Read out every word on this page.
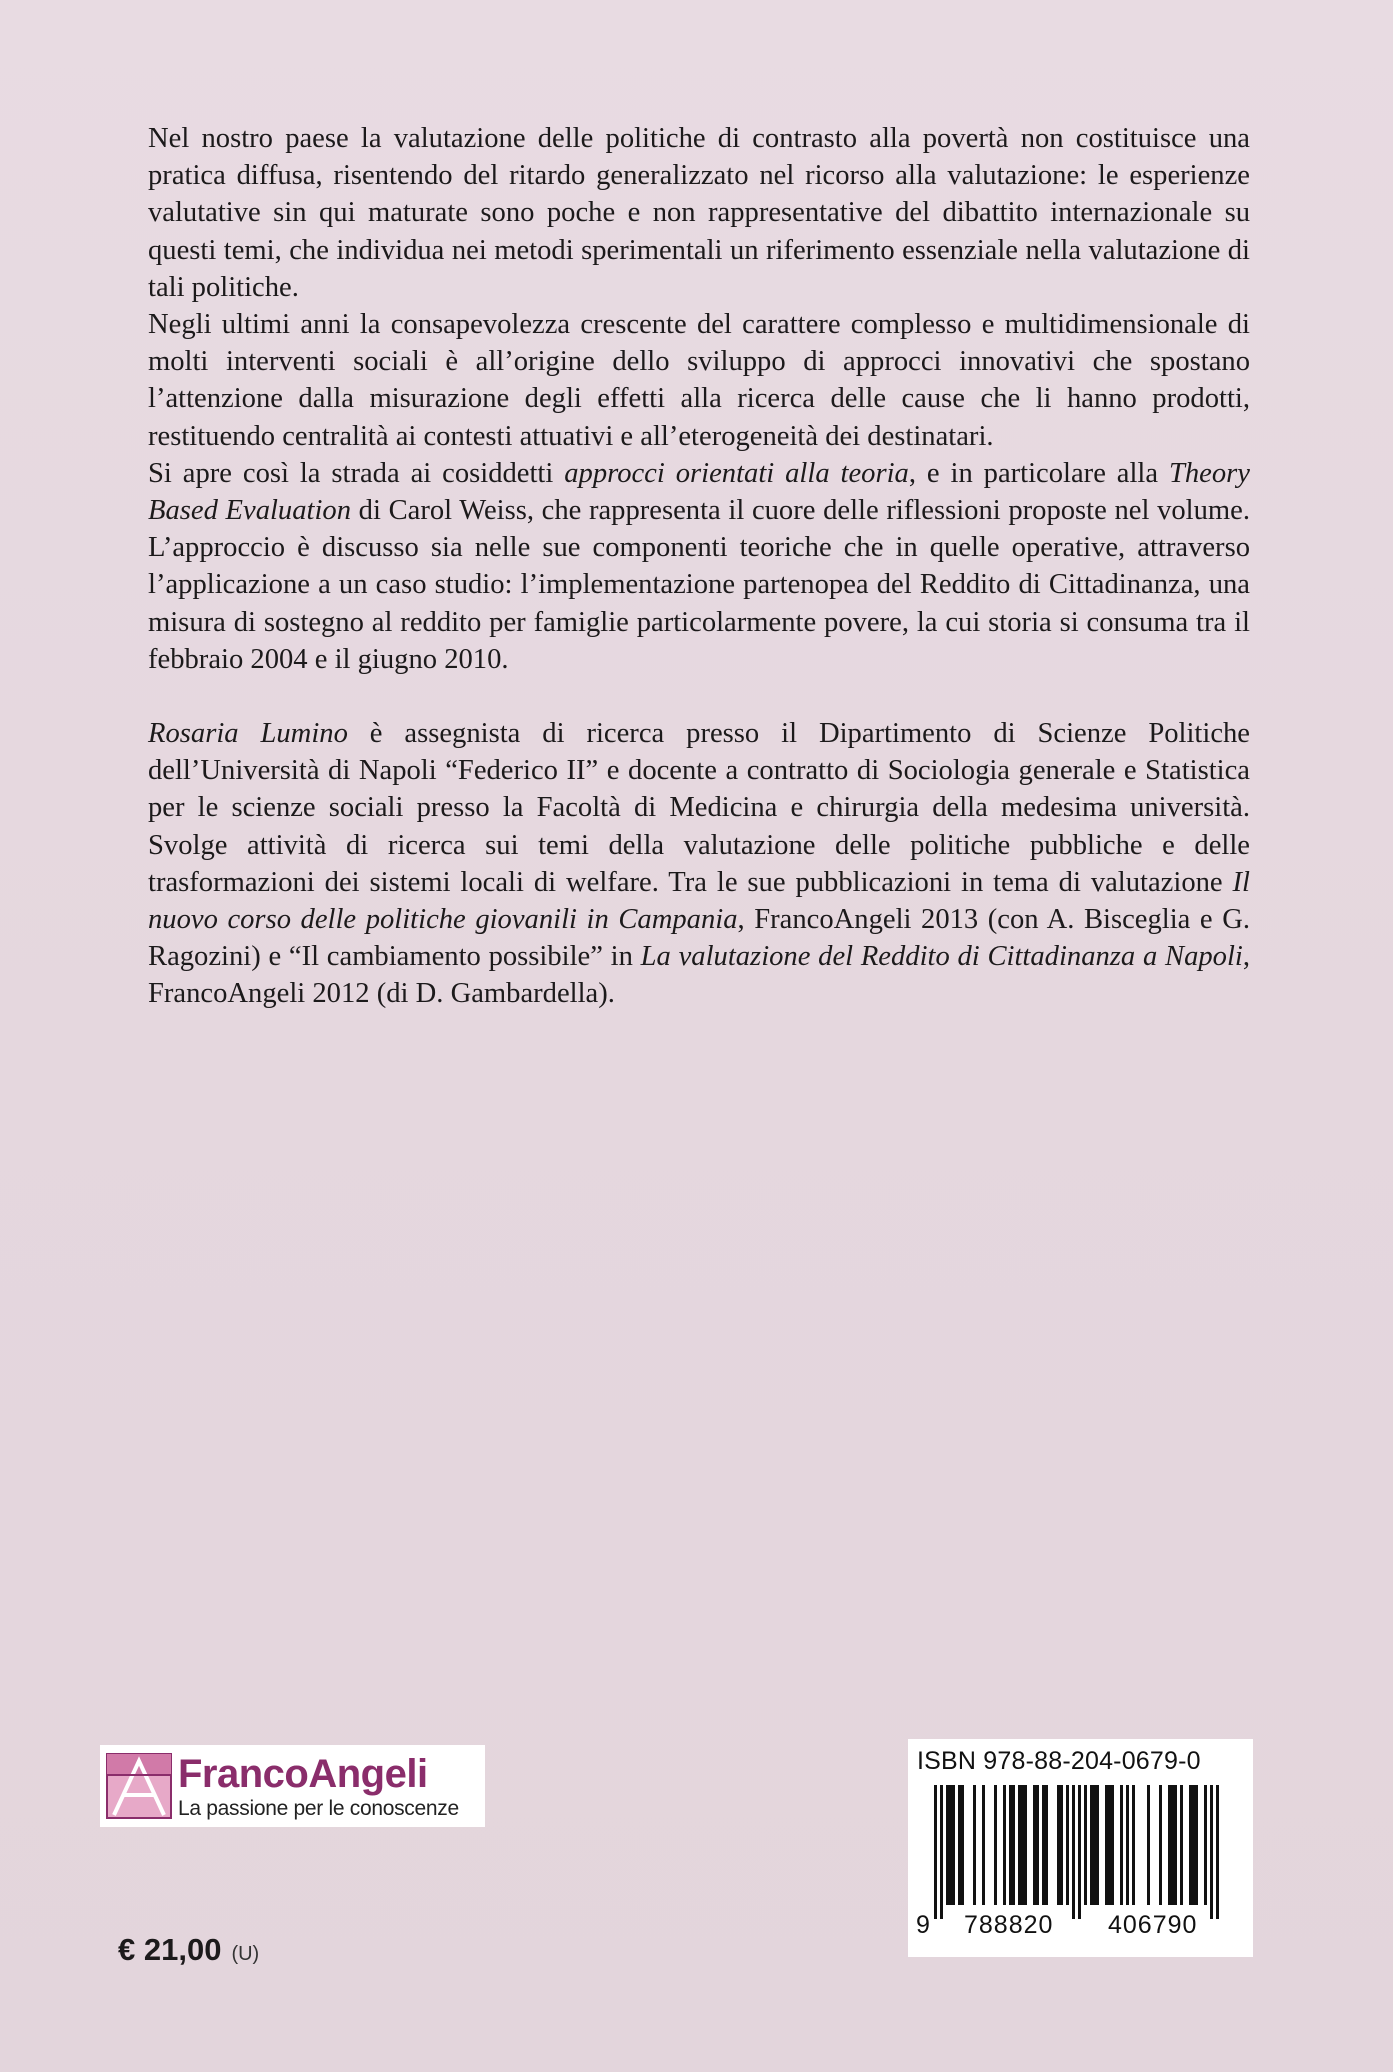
Nel nostro paese la valutazione delle politiche di contrasto alla povertà non costituisce una pratica diffusa, risentendo del ritardo generalizzato nel ricorso alla valutazione: le esperienze valutative sin qui maturate sono poche e non rappresentative del dibattito internazionale su questi temi, che individua nei metodi sperimentali un riferimento essenziale nella valutazione di tali politiche.

Negli ultimi anni la consapevolezza crescente del carattere complesso e multidimensionale di molti interventi sociali è all’origine dello sviluppo di approcci innovativi che spostano l’attenzione dalla misurazione degli effetti alla ricerca delle cause che li hanno prodotti, restituendo centralità ai contesti attuativi e all’eterogeneità dei destinatari.

Si apre così la strada ai cosiddetti approcci orientati alla teoria, e in particolare alla Theory Based Evaluation di Carol Weiss, che rappresenta il cuore delle riflessioni proposte nel volume. L’approccio è discusso sia nelle sue componenti teoriche che in quelle operative, attraverso l’applicazione a un caso studio: l’implementazione partenopea del Reddito di Cittadinanza, una misura di sostegno al reddito per famiglie particolarmente povere, la cui storia si consuma tra il febbraio 2004 e il giugno 2010.

Rosaria Lumino è assegnista di ricerca presso il Dipartimento di Scienze Politiche dell’Università di Napoli “Federico II” e docente a contratto di Sociologia generale e Statistica per le scienze sociali presso la Facoltà di Medicina e chirurgia della medesima università. Svolge attività di ricerca sui temi della valutazione delle politiche pubbliche e delle trasformazioni dei sistemi locali di welfare. Tra le sue pubblicazioni in tema di valutazione Il nuovo corso delle politiche giovanili in Campania, FrancoAngeli 2013 (con A. Bisceglia e G. Ragozini) e “Il cambiamento possibile” in La valutazione del Reddito di Cittadinanza a Napoli, FrancoAngeli 2012 (di D. Gambardella).

FrancoAngeli
La passione per le conoscenze
€ 21,00 (U)
ISBN 978-88-204-0679-0
9 788820 406790
